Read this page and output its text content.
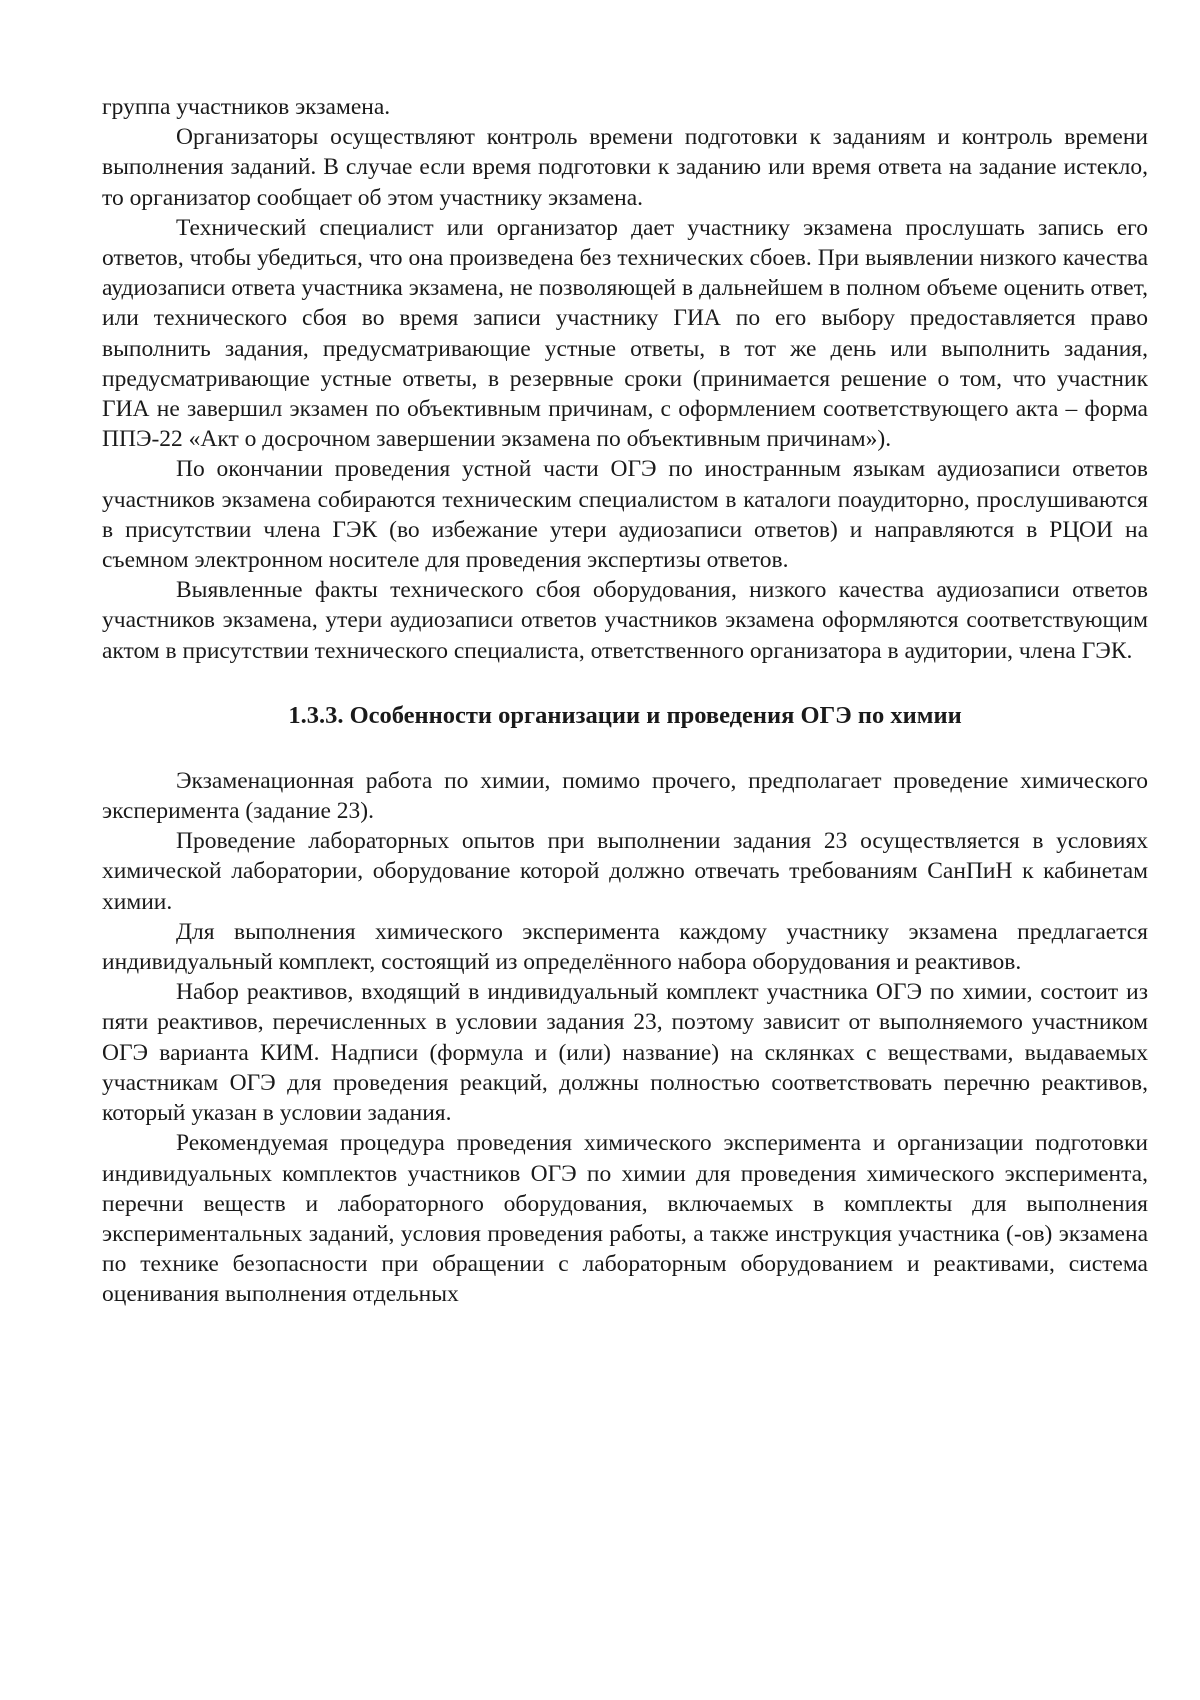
группа участников экзамена.

Организаторы осуществляют контроль времени подготовки к заданиям и контроль времени выполнения заданий. В случае если время подготовки к заданию или время ответа на задание истекло, то организатор сообщает об этом участнику экзамена.

Технический специалист или организатор дает участнику экзамена прослушать запись его ответов, чтобы убедиться, что она произведена без технических сбоев. При выявлении низкого качества аудиозаписи ответа участника экзамена, не позволяющей в дальнейшем в полном объеме оценить ответ, или технического сбоя во время записи участнику ГИА по его выбору предоставляется право выполнить задания, предусматривающие устные ответы, в тот же день или выполнить задания, предусматривающие устные ответы, в резервные сроки (принимается решение о том, что участник ГИА не завершил экзамен по объективным причинам, с оформлением соответствующего акта – форма ППЭ-22 «Акт о досрочном завершении экзамена по объективным причинам»).

По окончании проведения устной части ОГЭ по иностранным языкам аудиозаписи ответов участников экзамена собираются техническим специалистом в каталоги поаудиторно, прослушиваются в присутствии члена ГЭК (во избежание утери аудиозаписи ответов) и направляются в РЦОИ на съемном электронном носителе для проведения экспертизы ответов.

Выявленные факты технического сбоя оборудования, низкого качества аудиозаписи ответов участников экзамена, утери аудиозаписи ответов участников экзамена оформляются соответствующим актом в присутствии технического специалиста, ответственного организатора в аудитории, члена ГЭК.

1.3.3. Особенности организации и проведения ОГЭ по химии

Экзаменационная работа по химии, помимо прочего, предполагает проведение химического эксперимента (задание 23).

Проведение лабораторных опытов при выполнении задания 23 осуществляется в условиях химической лаборатории, оборудование которой должно отвечать требованиям СанПиН к кабинетам химии.

Для выполнения химического эксперимента каждому участнику экзамена предлагается индивидуальный комплект, состоящий из определённого набора оборудования и реактивов.

Набор реактивов, входящий в индивидуальный комплект участника ОГЭ по химии, состоит из пяти реактивов, перечисленных в условии задания 23, поэтому зависит от выполняемого участником ОГЭ варианта КИМ. Надписи (формула и (или) название) на склянках с веществами, выдаваемых участникам ОГЭ для проведения реакций, должны полностью соответствовать перечню реактивов, который указан в условии задания.

Рекомендуемая процедура проведения химического эксперимента и организации подготовки индивидуальных комплектов участников ОГЭ по химии для проведения химического эксперимента, перечни веществ и лабораторного оборудования, включаемых в комплекты для выполнения экспериментальных заданий, условия проведения работы, а также инструкция участника (-ов) экзамена по технике безопасности при обращении с лабораторным оборудованием и реактивами, система оценивания выполнения отдельных
